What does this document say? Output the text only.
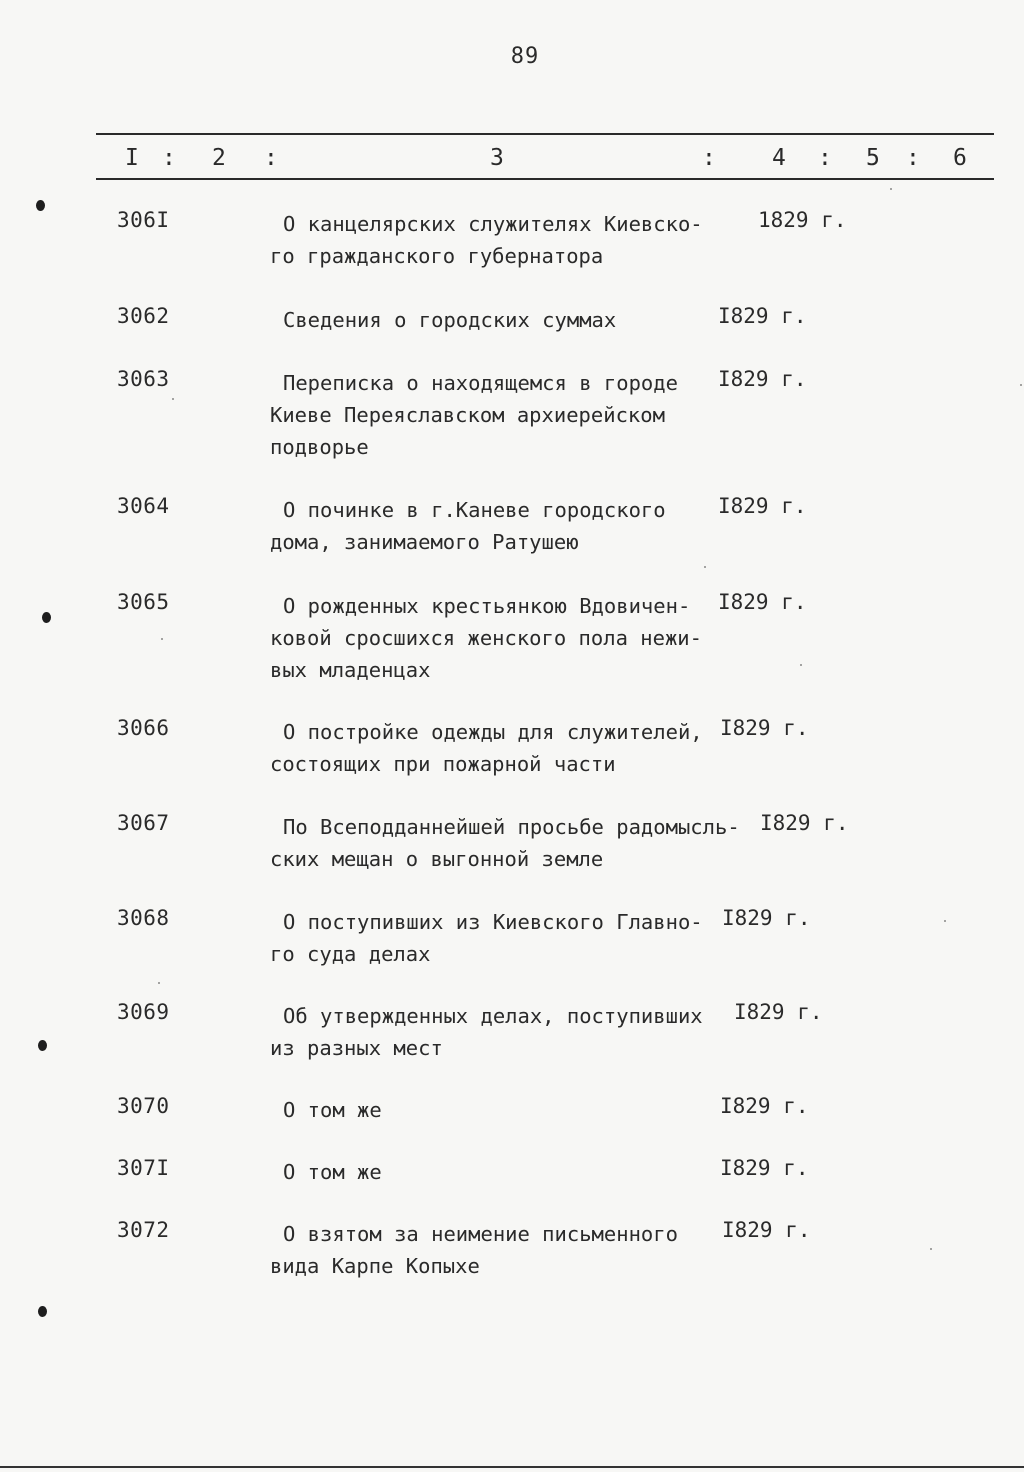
89
I : 2 :	3	: 4 : 5 : 6
306I	О канцелярских служителях Киевско-
го гражданского губернатора
1829 г.
3062	Сведения о городских суммах	I829 г.
3063	Переписка о находящемся в городе
Киеве Переяславском архиерейском
подворье
I829 г.
3064	О починке в г.Каневе городского
дома, занимаемого Ратушею
I829 г.
3065	О рожденных крестьянкою Вдовичен-
ковой сросшихся женского пола нежи-
вых младенцах
I829 г.
3066	О постройке одежды для служителей,
состоящих при пожарной части
I829 г.
3067	По Всеподданнейшей просьбе радомысль-
ских мещан о выгонной земле
I829 г.
3068	О поступивших из Киевского Главно-
го суда делах
I829 г.
3069	Об утвержденных делах, поступивших
из разных мест
I829 г.
3070	О том же	I829 г.
307I	О том же	I829 г.
3072	О взятом за неимение письменного
вида Карпе Копыхе
I829 г.
